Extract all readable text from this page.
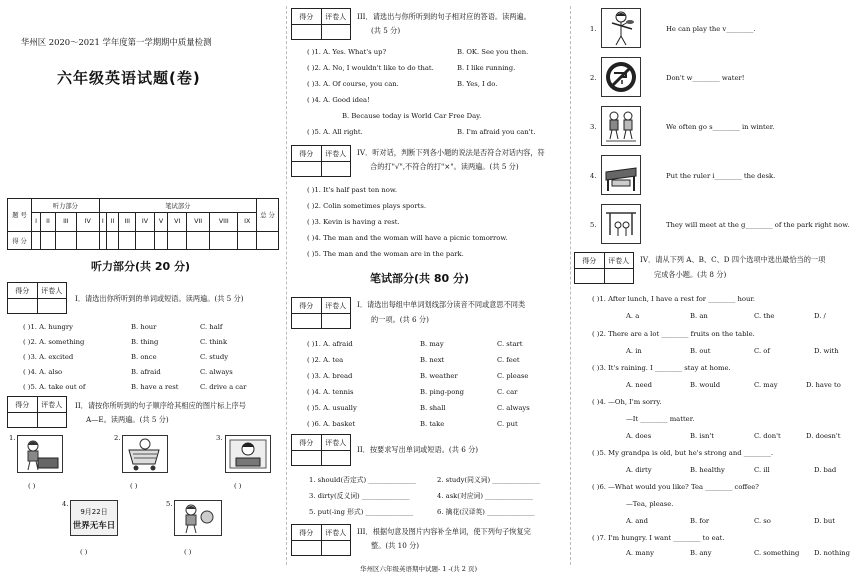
华州区 2020～2021 学年度第一学期期中质量检测
六年级英语试题(卷)
题 号	听力部分				笔试部分									总 分
	I	II	III	IV	I	II	III	IV	V	VI	VII	VIII	IX	
得 分														
听力部分(共 20 分)
得分	评卷人
I．请选出你所听到的单词或短语。读两遍。(共 5 分)
( )1. A. hungry	B. hour	C. half
( )2. A. something	B. thing	C. think
( )3. A. excited	B. once	C. study
( )4. A. also	B. afraid	C. always
( )5. A. take out of	B. have a rest	C. drive a car
得分	评卷人	II．请按你所听到的句子顺序给其相应的图片标上序号
A—E。读两遍。(共 5 分)
1.
( )
2.
( )
3.
( )
4.
9月22日
世界无车日
( )
5.
( )
得分	评卷人	III．请选出与你所听到的句子相对应的答语。读两遍。
(共 5 分)
( )1. A. Yes. What's up?	B. OK. See you then.
( )2. A. No, I wouldn't like to do that.	B. I like running.
( )3. A. Of course, you can.	B. Yes, I do.
( )4. A. Good idea!
B. Because today is World Car Free Day.
( )5. A. All right.	B. I'm afraid you can't.
得分	评卷人	IV．听对话，判断下列各小题的说法是否符合对话内容，符
合的打"√",不符合的打"×"。读两遍。(共 5 分)
( )1. It's half past ten now.
( )2. Colin sometimes plays sports.
( )3. Kevin is having a rest.
( )4. The man and the woman will have a picnic tomorrow.
( )5. The man and the woman are in the park.
笔试部分(共 80 分)
得分	评卷人	I．请选出每组中单词划线部分读音不同或意思不同类
的一项。(共 6 分)
( )1. A. afraid	B. may	C. start
( )2. A. tea	B. next	C. feet
( )3. A. bread	B. weather	C. please
( )4. A. tennis	B. ping-pong	C. car
( )5. A. usually	B. shall	C. always
( )6. A. basket	B. take	C. put
得分	评卷人
II．按要求写出单词或短语。(共 6 分)
1. should(否定式) ______________	2. study(同义词) ______________
3. dirty(反义词) ______________	4. ask(对应词) ______________
5. put(-ing 形式) ______________	6. 擒花(汉译英) ______________
得分	评卷人	III．根据句意及图片内容补全单词，使下列句子恢复完
整。(共 10 分)
华州区六年级英语期中试题- 1 -(共 2 页)
1.	He can play the v________.
2.	Don't w________ water!
3.	We often go s________ in winter.
4.	Put the ruler i________ the desk.
5.	They will meet at the g________ of the park right now.
得分	评卷人	IV．请从下列 A、B、C、D 四个选项中选出最恰当的一项
完成各小题。(共 8 分)
( )1. After lunch, I have a rest for ________ hour.
A. a	B. an	C. the	D. /
( )2. There are a lot ________ fruits on the table.
A. in	B. out	C. of	D. with
( )3. It's raining. I ________ stay at home.
A. need	B. would	C. may	D. have to
( )4. —Oh, I'm sorry.
—It ________ matter.
A. does	B. isn't	C. don't	D. doesn't
( )5. My grandpa is old, but he's strong and ________.
A. dirty	B. healthy	C. ill	D. bad
( )6. —What would you like? Tea ________ coffee?
—Tea, please.
A. and	B. for	C. so	D. but
( )7. I'm hungry. I want ________ to eat.
A. many	B. any	C. something D. nothing
